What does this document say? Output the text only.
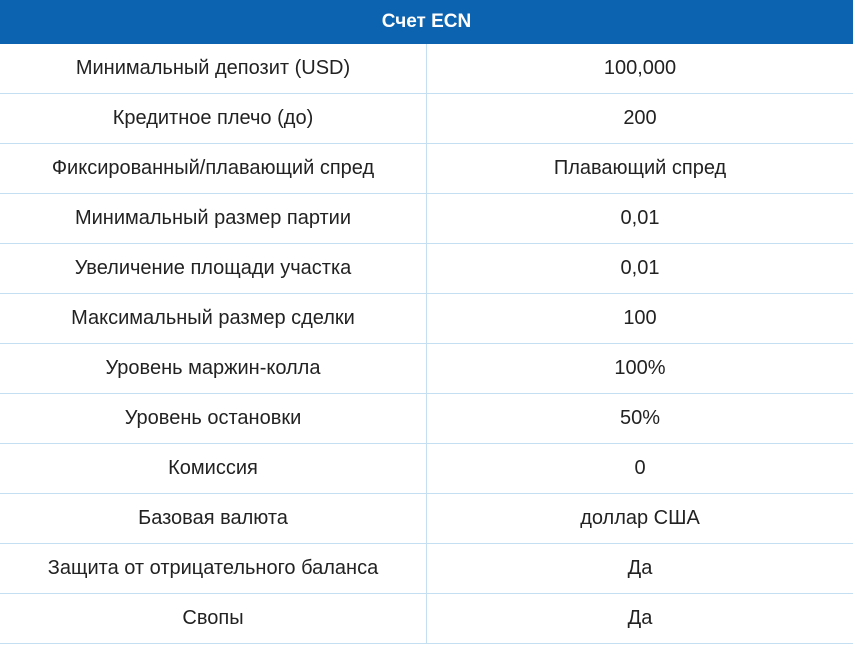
Счет ECN	
Минимальный депозит (USD)	100,000
Кредитное плечо (до)	200
Фиксированный/плавающий спред	Плавающий спред
Минимальный размер партии	0,01
Увеличение площади участка	0,01
Максимальный размер сделки	100
Уровень маржин-колла	100%
Уровень остановки	50%
Комиссия	0
Базовая валюта	доллар США
Защита от отрицательного баланса	Да
Свопы	Да
